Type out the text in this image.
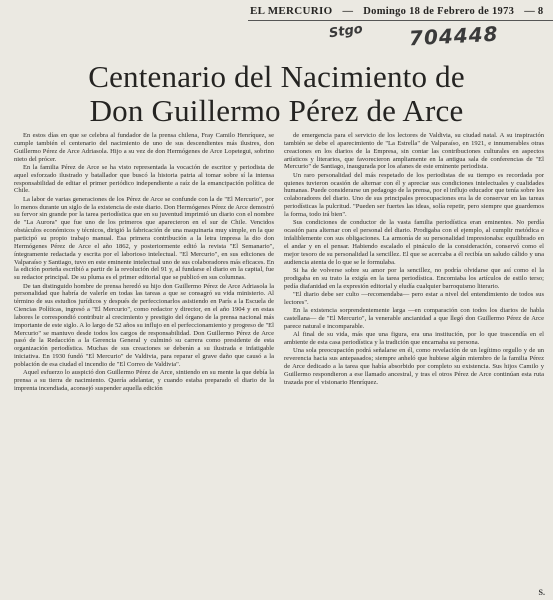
EL MERCURIO — Domingo 18 de Febrero de 1973 — 8
Stgo 704448
Centenario del Nacimiento de
Don Guillermo Pérez de Arce

En estos días en que se celebra al fundador de la prensa chilena, Fray Camilo Henríquez, se cumple también el centenario del nacimiento de uno de sus descendientes más ilustres, don Guillermo Pérez de Arce Adriasola. Hijo a su vez de don Hermógenes de Arce Lopetegui, sobrino nieto del prócer.

En la familia Pérez de Arce se ha visto representada la vocación de escritor y periodista de aquel esforzado ilustrado y batallador que buscó la historia patria al tomar sobre sí la intensa responsabilidad de editar el primer periódico independiente a raíz de la emancipación política de Chile.

La labor de varias generaciones de los Pérez de Arce se confunde con la de "El Mercurio", por lo menos durante un siglo de la existencia de este diario. Don Hermógenes Pérez de Arce demostró su fervor sin grande por la tarea periodística que en su juventud imprimió un diario con el nombre de "La Aurora" que fue uno de los primeros que aparecieron en el sur de Chile. Vencidos obstáculos económicos y técnicos, dirigió la fabricación de una maquinaria muy simple, en la que participó su propio trabajo manual. Esa primera contribución a la letra impresa la dio don Hermógenes Pérez de Arce el año 1862, y posteriormente editó la revista "El Semanario", íntegramente redactada y escrita por el laborioso intelectual. "El Mercurio", en sus ediciones de Valparaíso y Santiago, tuvo en este eminente intelectual uno de sus colaboradores más eficaces. En la edición porteña escribió a partir de la revolución del 91 y, al fundarse el diario en la capital, fue su redactor principal. De su pluma es el primer editorial que se publicó en sus columnas.

De tan distinguido hombre de prensa heredó su hijo don Guillermo Pérez de Arce Adriasola la personalidad que habría de valerle en todas las tareas a que se consagró su vida ministerio. Al término de sus estudios jurídicos y después de perfeccionarlos asistiendo en París a la Escuela de Ciencias Políticas, ingresó a "El Mercurio", como redactor y director, en el año 1904 y en estas labores le correspondió contribuir al crecimiento y prestigio del órgano de la prensa nacional más importante de este siglo. A lo largo de 52 años su influjo en el perfeccionamiento y progreso de "El Mercurio" se mantuvo desde todos los cargos de responsabilidad. Don Guillermo Pérez de Arce pasó de la Redacción a la Gerencia General y culminó su carrera como presidente de esta organización periodística. Muchas de sus creaciones se deberán a su ilustrada e infatigable iniciativa. En 1930 fundó "El Mercurio" de Valdivia, para reparar el grave daño que causó a la población de esa ciudad el incendio de "El Correo de Valdivia".

Aquel esfuerzo lo auspició don Guillermo Pérez de Arce, sintiendo en su mente la que debía la prensa a su tierra de nacimiento. Quería adelantar, y cuando estaba preparado el diario de la imprenta incendiada, aconsejó suspender aquella edición

de emergencia para el servicio de los lectores de Valdivia, su ciudad natal. A su inspiración también se debe el aparecimiento de "La Estrella" de Valparaíso, en 1921, e innumerables otras creaciones en los diarios de la Empresa, sin contar las contribuciones culturales en aspectos artísticos y literarios, que favorecieron ampliamente en la antigua sala de conferencias de "El Mercurio" de Santiago, inaugurada por los afanes de este eminente periodista.

Un raro personalidad del más respetado de los periodistas de su tiempo es recordada por quienes tuvieron ocasión de alternar con él y apreciar sus condiciones intelectuales y cualidades humanas. Puede considerarse un pedagogo de la prensa, por el influjo educador que tenía sobre los colaboradores del diario. Uno de sus principales preocupaciones era la de conservar en las tareas periodísticas la pulcritud. "Pueden ser fuertes las ideas, solía repetir, pero siempre que guardemos la forma, todo irá bien".

Sus condiciones de conductor de la vasta familia periodística eran eminentes. No perdía ocasión para alternar con el personal del diario. Prodigaba con el ejemplo, al cumplir metódica e infaliblemente con sus obligaciones. La armonía de su personalidad impresionaba: equilibrado en el andar y en el pensar. Habiendo escalado el pináculo de la consideración, conservó como el mejor tesoro de su personalidad la sencillez. El que se acercaba a él recibía un saludo cálido y una audiencia atenta de lo que se le formulaba.

Si ha de volverse sobre su amor por la sencillez, no podría olvidarse que así como el la prodigaba en su trato la exigía en la tarea periodística. Encomiaba los artículos de estilo terso; pedía diafanidad en la expresión editorial y eludía cualquier barroquismo literario.

"El diario debe ser culto —recomendaba— pero estar a nivel del entendimiento de todos sus lectores".

En la existencia sorprendentemente larga —en comparación con todos los diarios de habla castellana— de "El Mercurio", la venerable ancianidad a que llegó don Guillermo Pérez de Arce parece natural e incomparable.

Al final de su vida, más que una figura, era una institución, por lo que trascendía en el ambiente de esta casa periodística y la tradición que encarnaba su persona.

Una sola preocupación podrá señalarse en él, como revelación de un legítimo orgullo y de un reverencia hacia sus antepasados; siempre anheló que hubiese algún miembro de la familia Pérez de Arce dedicado a la tarea que había absorbido por completo su existencia. Sus hijos Camilo y Guillermo respondieron a ese llamado ancestral, y tras el otros Pérez de Arce continúan esta ruta trazada por el visionario Henríquez.

S.
